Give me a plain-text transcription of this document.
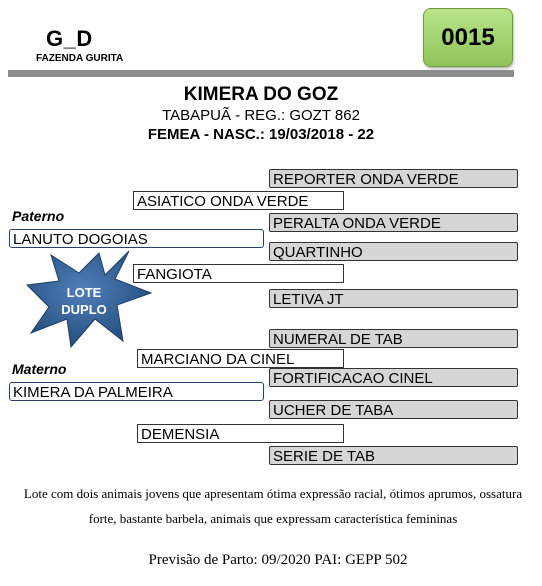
G_D
FAZENDA GURITA
0015
KIMERA DO GOZ
TABAPUÃ - REG.: GOZT 862
FEMEA - NASC.: 19/03/2018 - 22
REPORTER ONDA VERDE
ASIATICO ONDA VERDE
PERALTA ONDA VERDE
Paterno
LANUTO DOGOIAS
QUARTINHO
FANGIOTA
LETIVA JT
LOTE
DUPLO
NUMERAL DE TAB
MARCIANO DA CINEL
Materno
FORTIFICACAO CINEL
KIMERA DA PALMEIRA
UCHER DE TABA
DEMENSIA
SERIE DE TAB
Lote com dois animais jovens que apresentam ótima expressão racial, ótimos aprumos, ossatura forte, bastante barbela, animais que expressam característica femininas
Previsão de Parto: 09/2020 PAI: GEPP 502
